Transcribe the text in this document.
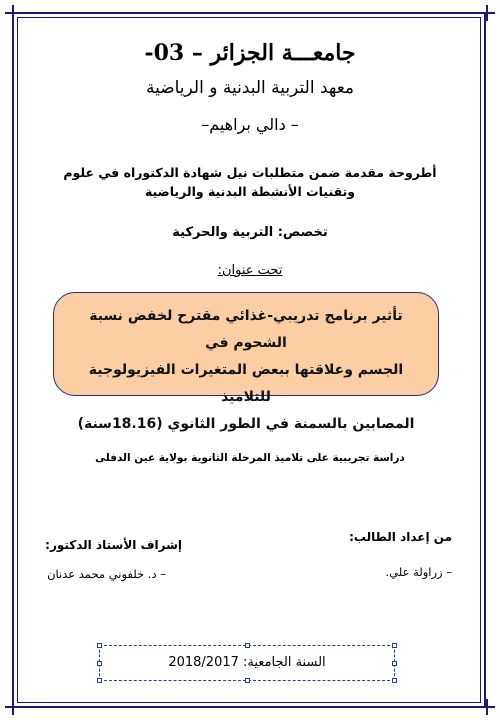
جامعـــة الجزائر – 03-
معهد التربية البدنية و الرياضية
– دالي براهيم–
أطروحة مقدمة ضمن متطلبات نيل شهادة الدكتوراه في علوم وتقنيات الأنشطة البدنية والرياضية
تخصص: التربية والحركية
تحت عنوان:
تأثير برنامج تدريبي-غذائي مقترح لخفض نسبة الشحوم في
الجسم وعلاقتها ببعض المتغيرات الفيزيولوجية للتلاميذ
المصابين بالسمنة في الطور الثانوي (18.16سنة)
دراسة تجريبية على تلاميذ المرحلة الثانوية بولاية عين الدفلى
من إعداد الطالب:
– زراولة علي.
إشراف الأستاذ الدكتور:
– د. خلفوني محمد عدنان
السنة الجامعية: 2018/2017
